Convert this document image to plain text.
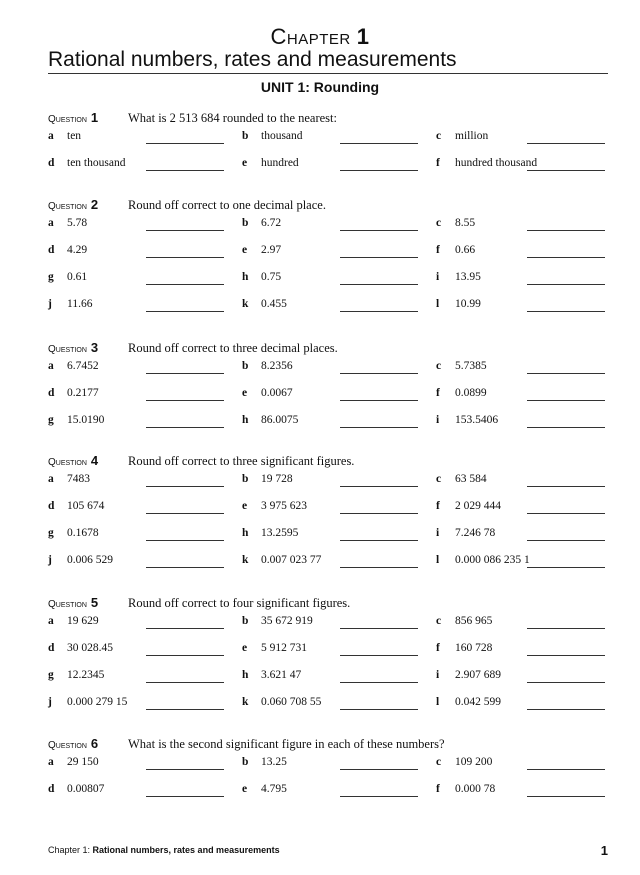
Chapter 1
Rational numbers, rates and measurements
UNIT 1: Rounding
Question 1 What is 2 513 684 rounded to the nearest:
a ten	b thousand	c million
d ten thousand	e hundred	f hundred thousand
Question 2 Round off correct to one decimal place.
a 5.78	b 6.72	c 8.55
d 4.29	e 2.97	f 0.66
g 0.61	h 0.75	i 13.95
j 11.66	k 0.455	l 10.99
Question 3 Round off correct to three decimal places.
a 6.7452	b 8.2356	c 5.7385
d 0.2177	e 0.0067	f 0.0899
g 15.0190	h 86.0075	i 153.5406
Question 4 Round off correct to three significant figures.
a 7483	b 19 728	c 63 584
d 105 674	e 3 975 623	f 2 029 444
g 0.1678	h 13.2595	i 7.246 78
j 0.006 529	k 0.007 023 77	l 0.000 086 235 1
Question 5 Round off correct to four significant figures.
a 19 629	b 35 672 919	c 856 965
d 30 028.45	e 5 912 731	f 160 728
g 12.2345	h 3.621 47	i 2.907 689
j 0.000 279 15	k 0.060 708 55	l 0.042 599
Question 6 What is the second significant figure in each of these numbers?
a 29 150	b 13.25	c 109 200
d 0.00807	e 4.795	f 0.000 78
Chapter 1: Rational numbers, rates and measurements	1
